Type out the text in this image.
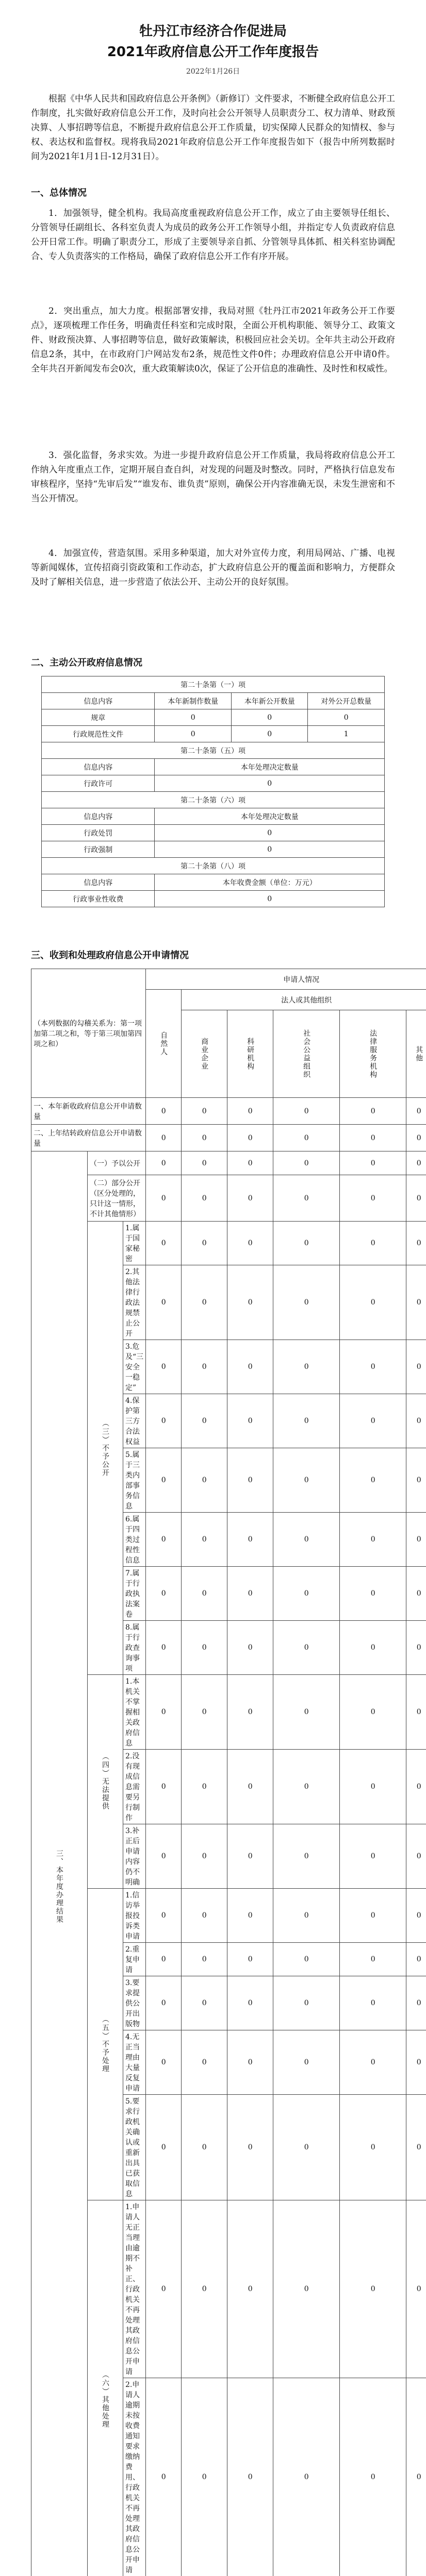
牡丹江市经济合作促进局
2021年政府信息公开工作年度报告
2022年1月26日

根据《中华人民共和国政府信息公开条例》（新修订）文件要求，不断健全政府信息公开工作制度，扎实做好政府信息公开工作，及时向社会公开领导人员职责分工、权力清单、财政预决算、人事招聘等信息，不断提升政府信息公开工作质量，切实保障人民群众的知情权、参与权、表达权和监督权。现将我局2021年政府信息公开工作年度报告如下（报告中所列数据时间为2021年1月1日-12月31日）。

一、总体情况

1．加强领导，健全机构。我局高度重视政府信息公开工作，成立了由主要领导任组长、分管领导任副组长、各科室负责人为成员的政务公开工作领导小组，并指定专人负责政府信息公开日常工作。明确了职责分工，形成了主要领导亲自抓、分管领导具体抓、相关科室协调配合、专人负责落实的工作格局，确保了政府信息公开工作有序开展。

2．突出重点，加大力度。根据部署安排，我局对照《牡丹江市2021年政务公开工作要点》，逐项梳理工作任务，明确责任科室和完成时限，全面公开机构职能、领导分工、政策文件、财政预决算、人事招聘等信息，做好政策解读，积极回应社会关切。全年共主动公开政府信息2条，其中，在市政府门户网站发布2条，规范性文件0件；办理政府信息公开申请0件。全年共召开新闻发布会0次，重大政策解读0次，保证了公开信息的准确性、及时性和权威性。

3．强化监督，务求实效。为进一步提升政府信息公开工作质量，我局将政府信息公开工作纳入年度重点工作，定期开展自查自纠，对发现的问题及时整改。同时，严格执行信息发布审核程序，坚持“先审后发”“谁发布、谁负责”原则，确保公开内容准确无误，未发生泄密和不当公开情况。

4．加强宣传，营造氛围。采用多种渠道，加大对外宣传力度，利用局网站、广播、电视等新闻媒体，宣传招商引资政策和工作动态，扩大政府信息公开的覆盖面和影响力，方便群众及时了解相关信息，进一步营造了依法公开、主动公开的良好氛围。

二、主动公开政府信息情况
第二十条第（一）项			
信息内容	本年新制作数量	本年新公开数量	对外公开总数量
规章	0	0	0
行政规范性文件	0	0	1
第二十条第（五）项			
信息内容	本年处理决定数量		
行政许可	0		
第二十条第（六）项			
信息内容	本年处理决定数量		
行政处罚	0		
行政强制	0		
第二十条第（八）项			
信息内容	本年收费金额（单位：万元）		
行政事业性收费	0		
三、收到和处理政府信息公开申请情况
（本列数据的勾稽关系为：第一项加第二项之和，等于第三项加第四项之和）			申请人情况						
			自然人	法人或其他组织	
				商业企业	科研机构	社会公益组织	法律服务机构	其他	
一、本年新收政府信息公开申请数量			0	0	0	0	0	0	
二、上年结转政府信息公开申请数量			0	0	0	0	0	0	
三、本年度办理结果	（一）予以公开		0	0	0	0	0	0	
	（二）部分公开（区分处理的，只计这一情形，不计其他情形）		0	0	0	0	0	0	
	（三）不予公开	1.属于国家秘密	0	0	0	0	0	0	
		2.其他法律行政法规禁止公开	0	0	0	0	0	0	
		3.危及“三安全一稳定”	0	0	0	0	0	0	
		4.保护第三方合法权益	0	0	0	0	0	0	
		5.属于三类内部事务信息	0	0	0	0	0	0	
		6.属于四类过程性信息	0	0	0	0	0	0	
		7.属于行政执法案卷	0	0	0	0	0	0	
		8.属于行政查询事项	0	0	0	0	0	0	
	（四）无法提供	1.本机关不掌握相关政府信息	0	0	0	0	0	0	
		2.没有现成信息需要另行制作	0	0	0	0	0	0	
		3.补正后申请内容仍不明确	0	0	0	0	0	0	
	（五）不予处理	1.信访举报投诉类申请	0	0	0	0	0	0	
		2.重复申请	0	0	0	0	0	0	
		3.要求提供公开出版物	0	0	0	0	0	0	
		4.无正当理由大量反复申请	0	0	0	0	0	0	
		5.要求行政机关确认或重新出具已获取信息	0	0	0	0	0	0	
	（六）其他处理	1.申请人无正当理由逾期不补正、行政机关不再处理其政府信息公开申请	0	0	0	0	0	0	
		2.申请人逾期未按收费通知要求缴纳费用、行政机关不再处理其政府信息公开申请	0	0	0	0	0	0	
